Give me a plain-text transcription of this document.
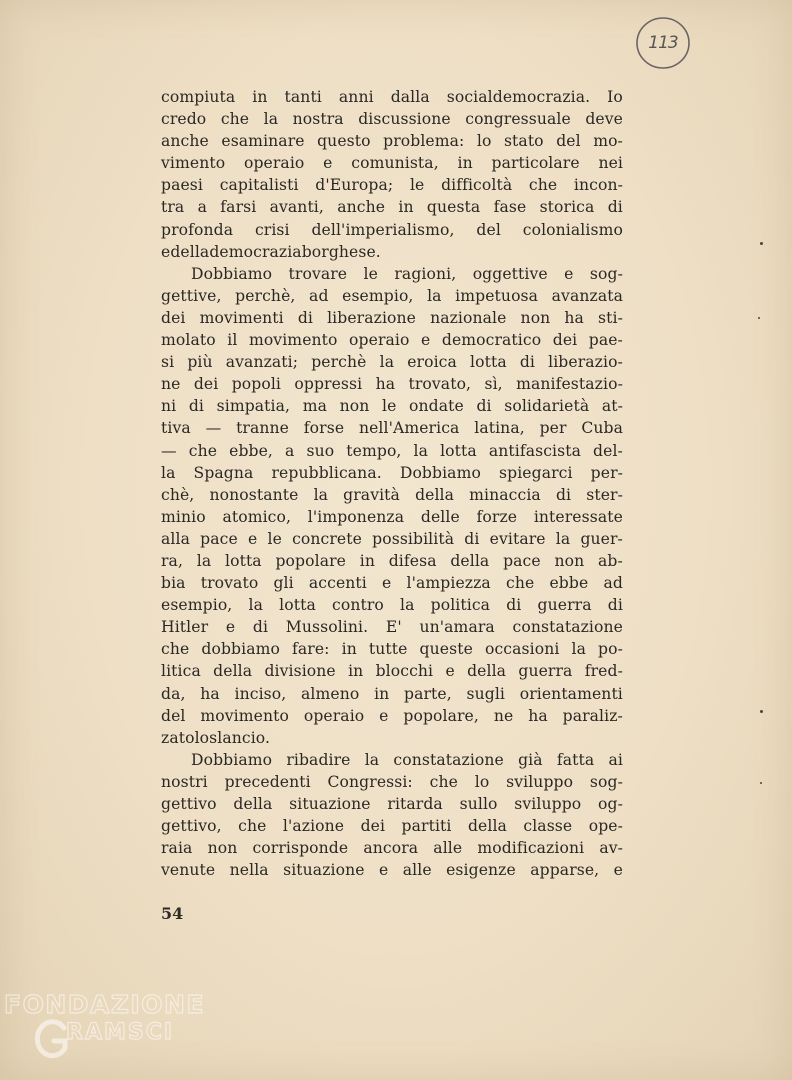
113
compiuta in tanti anni dalla socialdemocrazia. Io
credo che la nostra discussione congressuale deve
anche esaminare questo problema: lo stato del mo-
vimento operaio e comunista, in particolare nei
paesi capitalisti d'Europa; le difficoltà che incon-
tra a farsi avanti, anche in questa fase storica di
profonda crisi dell'imperialismo, del colonialismo
e della democrazia borghese.
Dobbiamo trovare le ragioni, oggettive e sog-
gettive, perchè, ad esempio, la impetuosa avanzata
dei movimenti di liberazione nazionale non ha sti-
molato il movimento operaio e democratico dei pae-
si più avanzati; perchè la eroica lotta di liberazio-
ne dei popoli oppressi ha trovato, sì, manifestazio-
ni di simpatia, ma non le ondate di solidarietà at-
tiva — tranne forse nell'America latina, per Cuba
— che ebbe, a suo tempo, la lotta antifascista del-
la Spagna repubblicana. Dobbiamo spiegarci per-
chè, nonostante la gravità della minaccia di ster-
minio atomico, l'imponenza delle forze interessate
alla pace e le concrete possibilità di evitare la guer-
ra, la lotta popolare in difesa della pace non ab-
bia trovato gli accenti e l'ampiezza che ebbe ad
esempio, la lotta contro la politica di guerra di
Hitler e di Mussolini. E' un'amara constatazione
che dobbiamo fare: in tutte queste occasioni la po-
litica della divisione in blocchi e della guerra fred-
da, ha inciso, almeno in parte, sugli orientamenti
del movimento operaio e popolare, ne ha paraliz-
zato lo slancio.
Dobbiamo ribadire la constatazione già fatta ai
nostri precedenti Congressi: che lo sviluppo sog-
gettivo della situazione ritarda sullo sviluppo og-
gettivo, che l'azione dei partiti della classe ope-
raia non corrisponde ancora alle modificazioni av-
venute nella situazione e alle esigenze apparse, e
54
FONDAZIONE
RAMSCI
